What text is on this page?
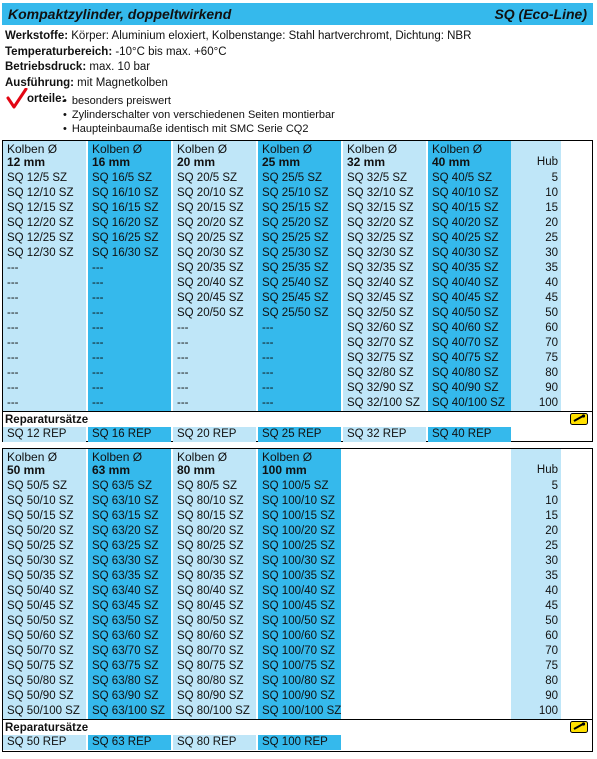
Kompaktzylinder, doppeltwirkend	SQ (Eco-Line)
Werkstoffe: Körper: Aluminium eloxiert, Kolbenstange: Stahl hartverchromt, Dichtung: NBR
Temperaturbereich: -10°C bis max. +60°C
Betriebsdruck: max. 10 bar
Ausführung: mit Magnetkolben
orteile:
• besonders preiswert
• Zylinderschalter von verschiedenen Seiten montierbar
• Haupteinbaumaße identisch mit SMC Serie CQ2
Kolben Ø
12 mm
SQ 12/5 SZ
SQ 12/10 SZ
SQ 12/15 SZ
SQ 12/20 SZ
SQ 12/25 SZ
SQ 12/30 SZ
---
---
---
---
---
---
---
---
---
---
Kolben Ø
16 mm
SQ 16/5 SZ
SQ 16/10 SZ
SQ 16/15 SZ
SQ 16/20 SZ
SQ 16/25 SZ
SQ 16/30 SZ
---
---
---
---
---
---
---
---
---
---
Kolben Ø
20 mm
SQ 20/5 SZ
SQ 20/10 SZ
SQ 20/15 SZ
SQ 20/20 SZ
SQ 20/25 SZ
SQ 20/30 SZ
SQ 20/35 SZ
SQ 20/40 SZ
SQ 20/45 SZ
SQ 20/50 SZ
---
---
---
---
---
---
Kolben Ø
25 mm
SQ 25/5 SZ
SQ 25/10 SZ
SQ 25/15 SZ
SQ 25/20 SZ
SQ 25/25 SZ
SQ 25/30 SZ
SQ 25/35 SZ
SQ 25/40 SZ
SQ 25/45 SZ
SQ 25/50 SZ
---
---
---
---
---
---
Kolben Ø
32 mm
SQ 32/5 SZ
SQ 32/10 SZ
SQ 32/15 SZ
SQ 32/20 SZ
SQ 32/25 SZ
SQ 32/30 SZ
SQ 32/35 SZ
SQ 32/40 SZ
SQ 32/45 SZ
SQ 32/50 SZ
SQ 32/60 SZ
SQ 32/70 SZ
SQ 32/75 SZ
SQ 32/80 SZ
SQ 32/90 SZ
SQ 32/100 SZ
Kolben Ø
40 mm
SQ 40/5 SZ
SQ 40/10 SZ
SQ 40/15 SZ
SQ 40/20 SZ
SQ 40/25 SZ
SQ 40/30 SZ
SQ 40/35 SZ
SQ 40/40 SZ
SQ 40/45 SZ
SQ 40/50 SZ
SQ 40/60 SZ
SQ 40/70 SZ
SQ 40/75 SZ
SQ 40/80 SZ
SQ 40/90 SZ
SQ 40/100 SZ
Hub
5
10
15
20
25
30
35
40
45
50
60
70
75
80
90
100
Reparatursätze
SQ 12 REP	SQ 16 REP	SQ 20 REP	SQ 25 REP	SQ 32 REP	SQ 40 REP
Kolben Ø
50 mm
SQ 50/5 SZ
SQ 50/10 SZ
SQ 50/15 SZ
SQ 50/20 SZ
SQ 50/25 SZ
SQ 50/30 SZ
SQ 50/35 SZ
SQ 50/40 SZ
SQ 50/45 SZ
SQ 50/50 SZ
SQ 50/60 SZ
SQ 50/70 SZ
SQ 50/75 SZ
SQ 50/80 SZ
SQ 50/90 SZ
SQ 50/100 SZ
Kolben Ø
63 mm
SQ 63/5 SZ
SQ 63/10 SZ
SQ 63/15 SZ
SQ 63/20 SZ
SQ 63/25 SZ
SQ 63/30 SZ
SQ 63/35 SZ
SQ 63/40 SZ
SQ 63/45 SZ
SQ 63/50 SZ
SQ 63/60 SZ
SQ 63/70 SZ
SQ 63/75 SZ
SQ 63/80 SZ
SQ 63/90 SZ
SQ 63/100 SZ
Kolben Ø
80 mm
SQ 80/5 SZ
SQ 80/10 SZ
SQ 80/15 SZ
SQ 80/20 SZ
SQ 80/25 SZ
SQ 80/30 SZ
SQ 80/35 SZ
SQ 80/40 SZ
SQ 80/45 SZ
SQ 80/50 SZ
SQ 80/60 SZ
SQ 80/70 SZ
SQ 80/75 SZ
SQ 80/80 SZ
SQ 80/90 SZ
SQ 80/100 SZ
Kolben Ø
100 mm
SQ 100/5 SZ
SQ 100/10 SZ
SQ 100/15 SZ
SQ 100/20 SZ
SQ 100/25 SZ
SQ 100/30 SZ
SQ 100/35 SZ
SQ 100/40 SZ
SQ 100/45 SZ
SQ 100/50 SZ
SQ 100/60 SZ
SQ 100/70 SZ
SQ 100/75 SZ
SQ 100/80 SZ
SQ 100/90 SZ
SQ 100/100 SZ
Hub
5
10
15
20
25
30
35
40
45
50
60
70
75
80
90
100
Reparatursätze
SQ 50 REP	SQ 63 REP	SQ 80 REP	SQ 100 REP
